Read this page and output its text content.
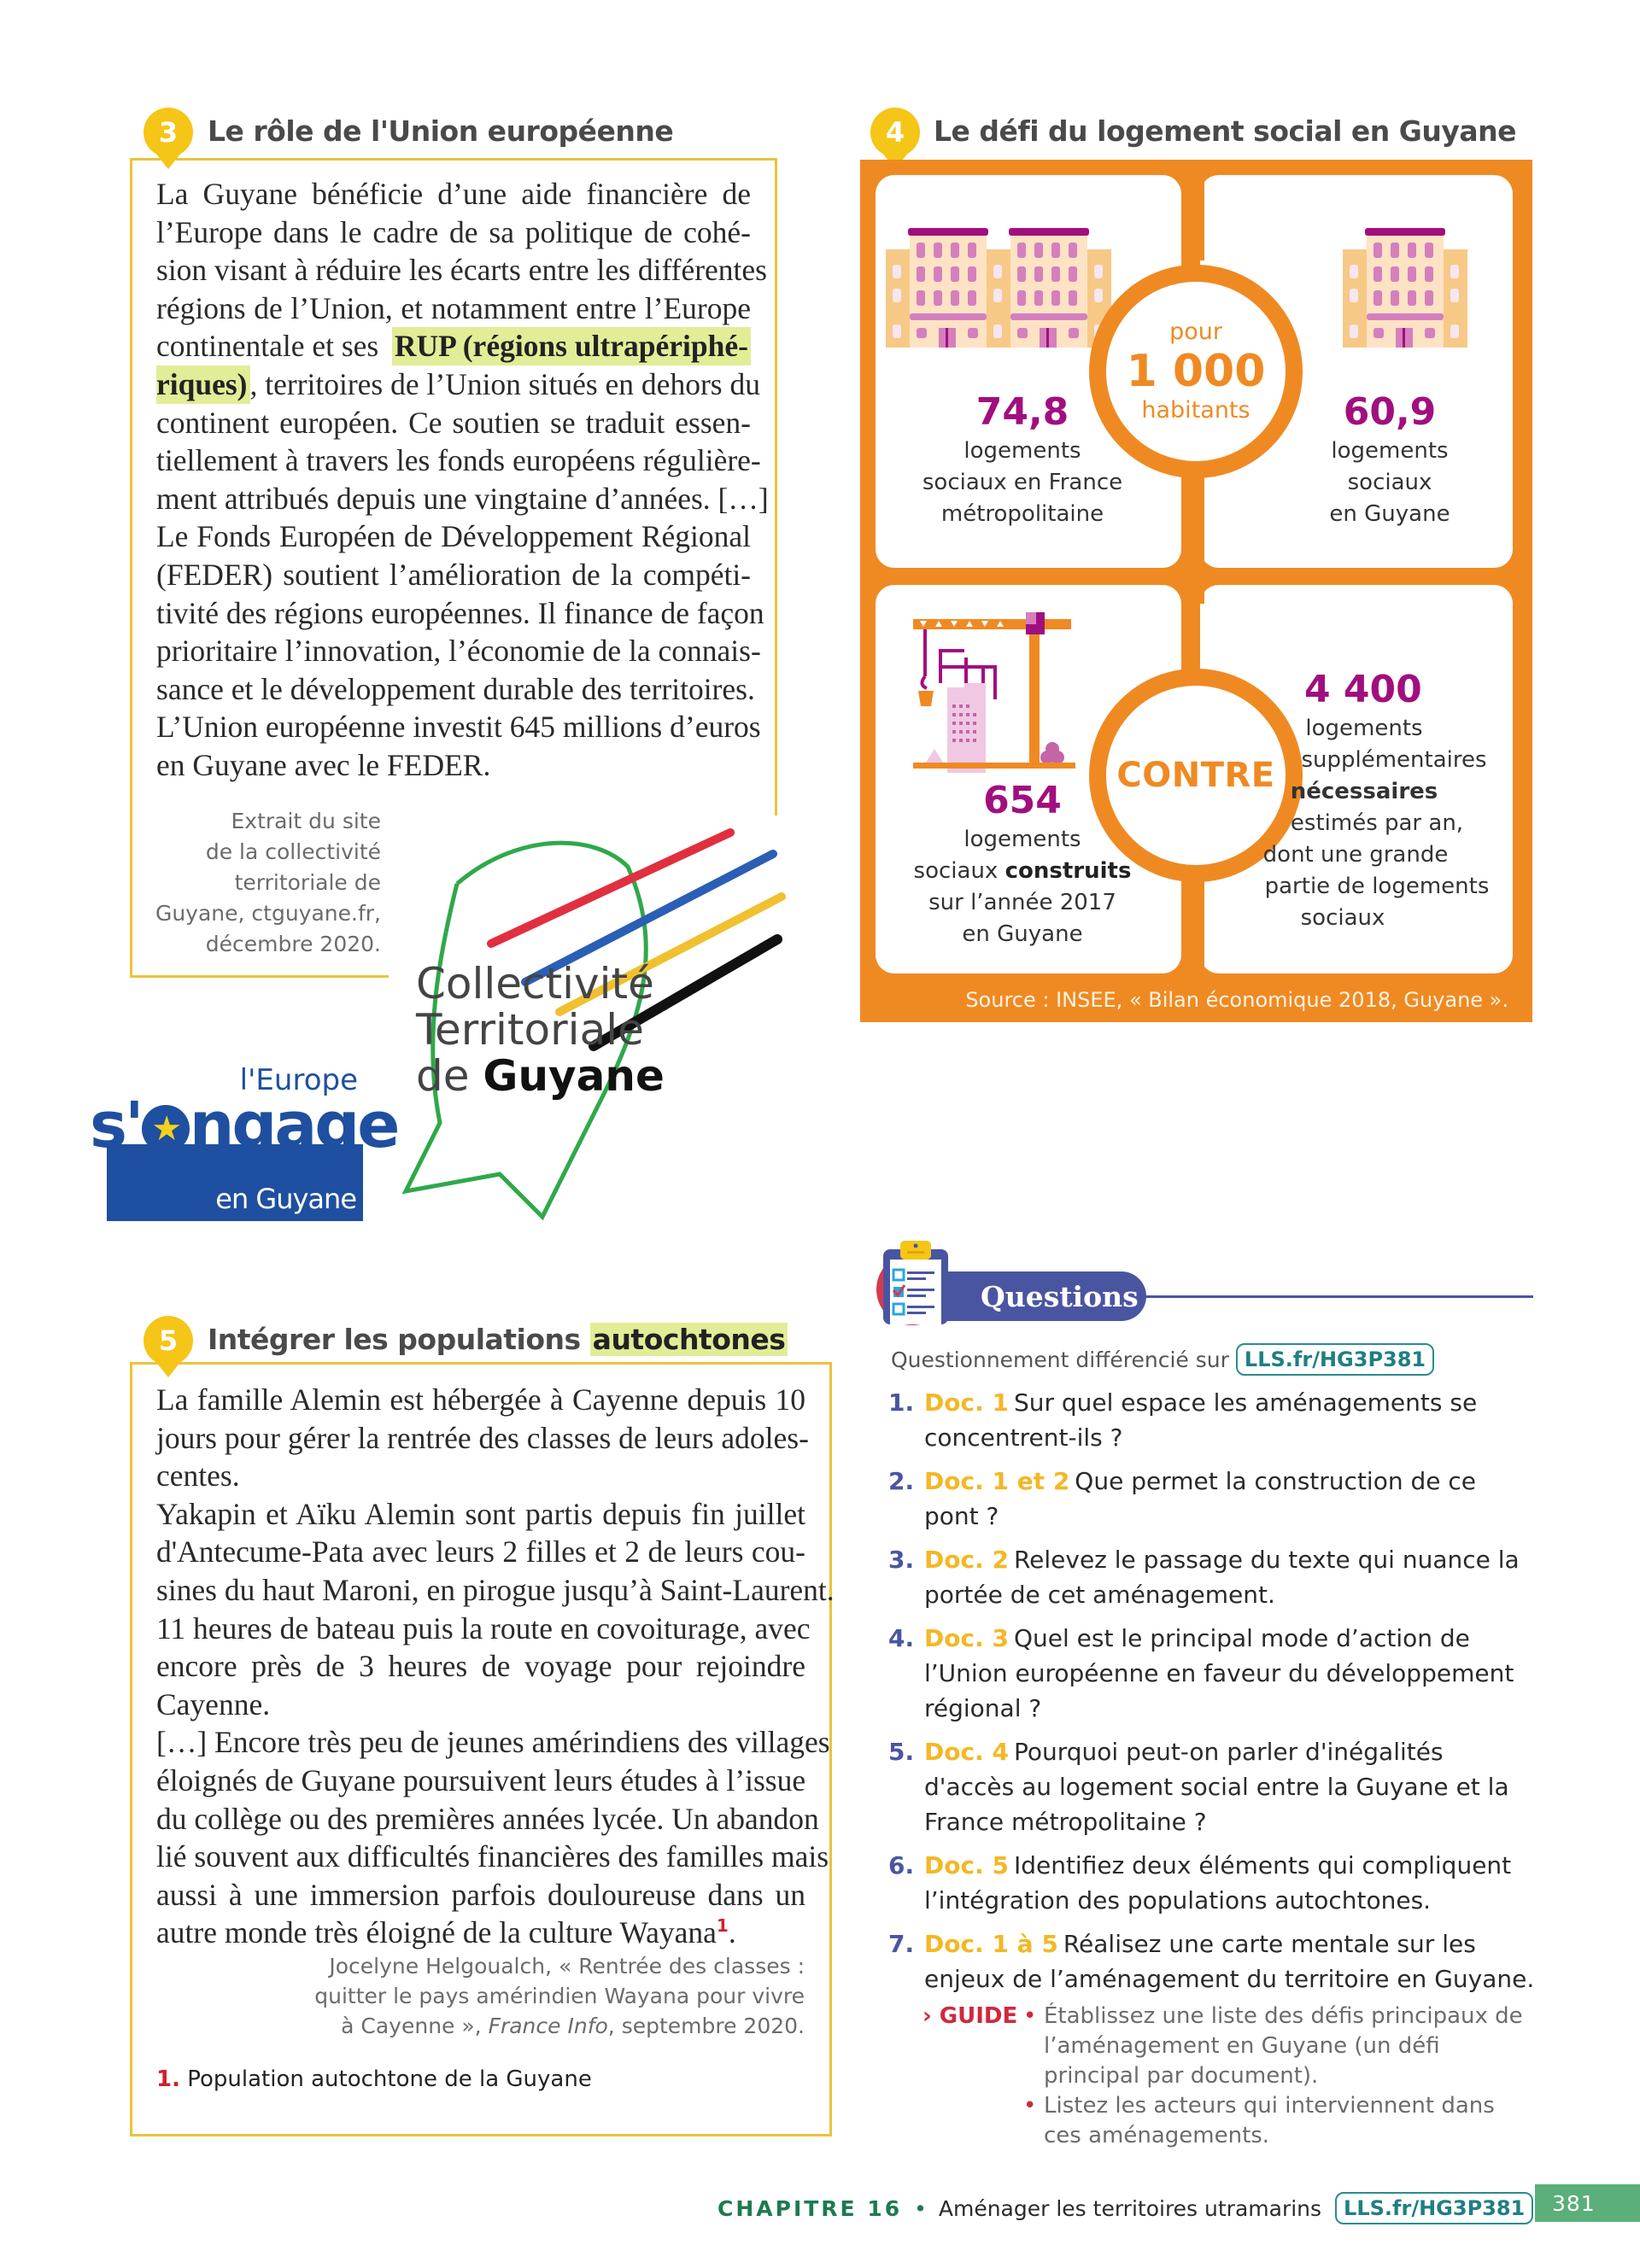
3 Le rôle de l'Union européenne
La Guyane bénéficie d’une aide financière de
l’Europe dans le cadre de sa politique de cohé-
sion visant à réduire les écarts entre les différentes
régions de l’Union, et notamment entre l’Europe
continentale et ses RUP (régions ultrapériphé-
riques) , territoires de l’Union situés en dehors du
continent européen. Ce soutien se traduit essen-
tiellement à travers les fonds européens régulière-
ment attribués depuis une vingtaine d’années. […]
Le Fonds Européen de Développement Régional
(FEDER) soutient l’amélioration de la compéti-
tivité des régions européennes. Il finance de façon
prioritaire l’innovation, l’économie de la connais-
sance et le développement durable des territoires.
L’Union européenne investit 645 millions d’euros
en Guyane avec le FEDER.
Extrait du site
de la collectivité
territoriale de
Guyane, ctguyane.fr,
décembre 2020.
Collectivité
Territoriale
de Guyane
l'Europe
s' ★ ngage
en Guyane
4 Le défi du logement social en Guyane
pour
1 000
habitants
CONTRE
74,8
logements
sociaux en France
métropolitaine
60,9
logements
sociaux
en Guyane
654
logements
sociaux construits
sur l’année 2017
en Guyane
4 400
logements
supplémentaires
nécessaires
estimés par an,
dont une grande
partie de logements
sociaux
Source : INSEE, « Bilan économique 2018, Guyane ».
5 Intégrer les populations autochtones
La famille Alemin est hébergée à Cayenne depuis 10
jours pour gérer la rentrée des classes de leurs adoles-
centes.
Yakapin et Aïku Alemin sont partis depuis fin juillet
d'Antecume-Pata avec leurs 2 filles et 2 de leurs cou-
sines du haut Maroni, en pirogue jusqu’à Saint-Laurent.
11 heures de bateau puis la route en covoiturage, avec
encore près de 3 heures de voyage pour rejoindre
Cayenne.
[…] Encore très peu de jeunes amérindiens des villages
éloignés de Guyane poursuivent leurs études à l’issue
du collège ou des premières années lycée. Un abandon
lié souvent aux difficultés financières des familles mais
aussi à une immersion parfois douloureuse dans un
autre monde très éloigné de la culture Wayana$^1$.
Jocelyne Helgoualch, « Rentrée des classes :
quitter le pays amérindien Wayana pour vivre
à Cayenne », France Info, septembre 2020.
1. Population autochtone de la Guyane
Questions
Questionnement différencié sur LLS.fr/HG3P381
1. Doc. 1 Sur quel espace les aménagements se concentrent-ils ?
2. Doc. 1 et 2 Que permet la construction de ce pont ?
3. Doc. 2 Relevez le passage du texte qui nuance la portée de cet aménagement.
4. Doc. 3 Quel est le principal mode d’action de l’Union européenne en faveur du développement régional ?
5. Doc. 4 Pourquoi peut-on parler d'inégalités d'accès au logement social entre la Guyane et la France métropolitaine ?
6. Doc. 5 Identifiez deux éléments qui compliquent l’intégration des populations autochtones.
7. Doc. 1 à 5 Réalisez une carte mentale sur les enjeux de l’aménagement du territoire en Guyane.
› GUIDE	• Établissez une liste des défis principaux de l’aménagement en Guyane (un défi principal par document).
• Listez les acteurs qui interviennent dans ces aménagements.
CHAPITRE 16 • Aménager les territoires utramarins	LLS.fr/HG3P381	381
